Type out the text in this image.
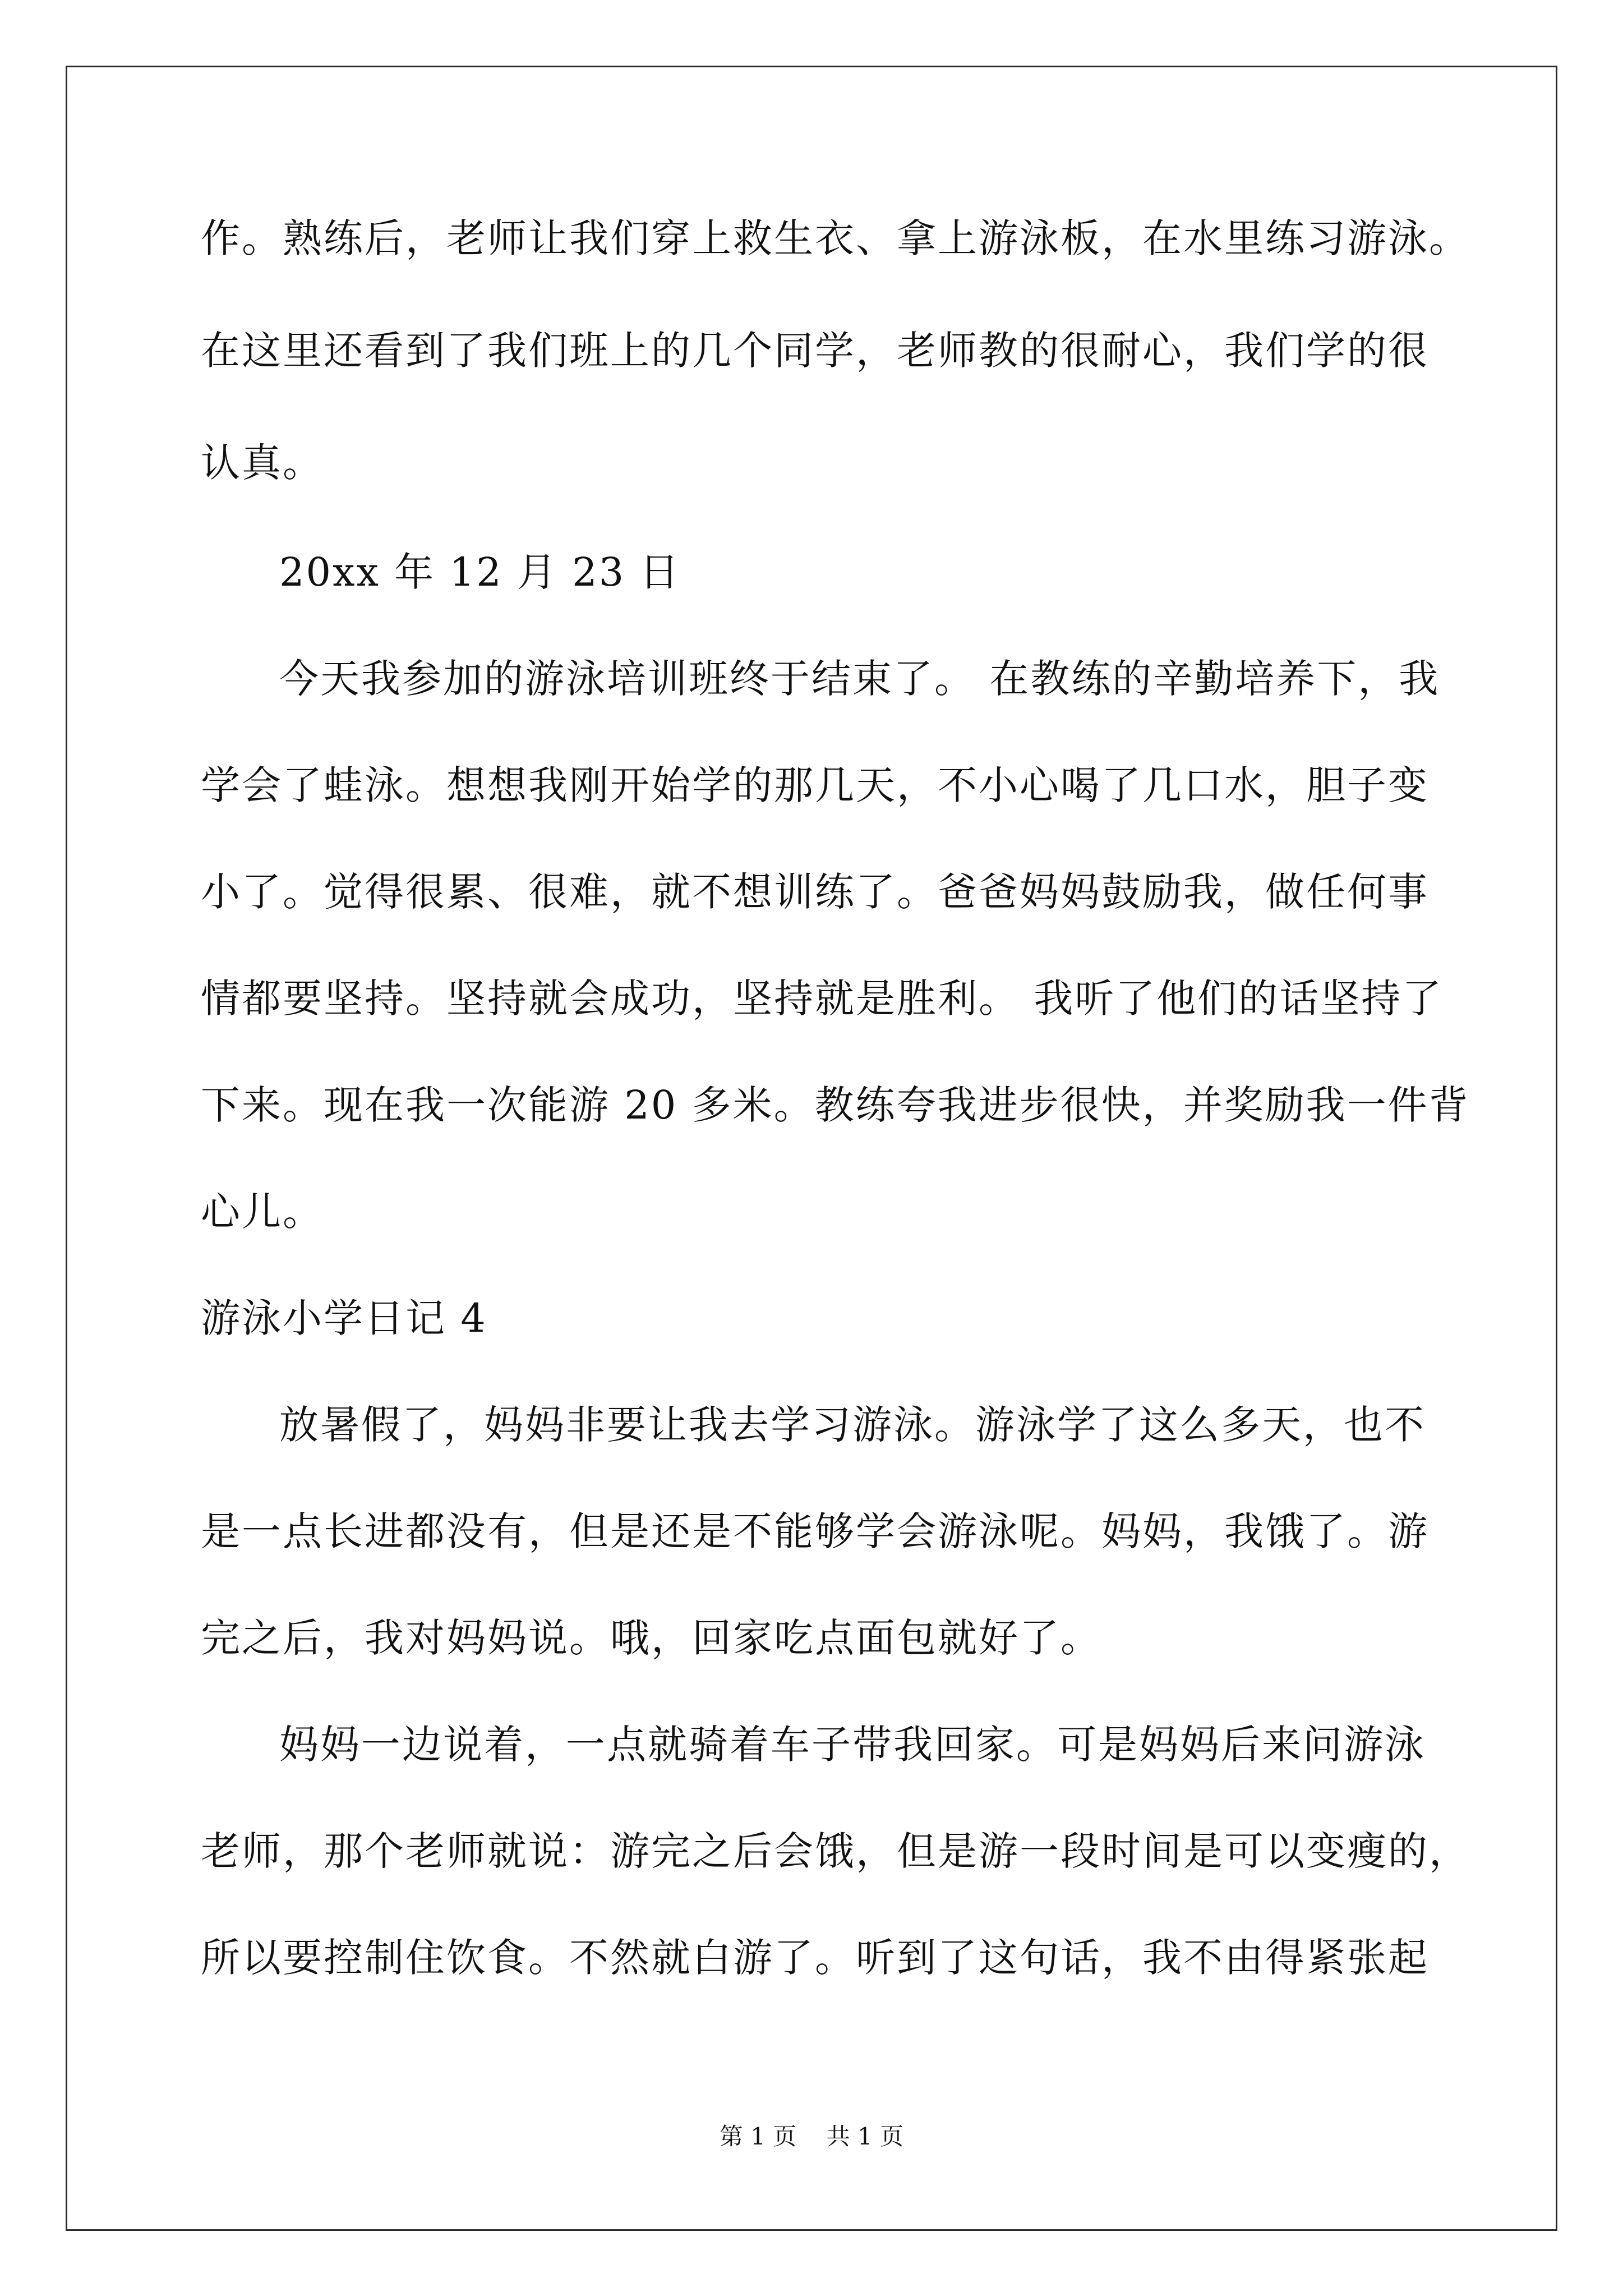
作。熟练后，老师让我们穿上救生衣、拿上游泳板，在水里练习游泳。
在这里还看到了我们班上的几个同学，老师教的很耐心，我们学的很
认真。
20xx 年 12 月 23 日
今天我参加的游泳培训班终于结束了。 在教练的辛勤培养下，我
学会了蛙泳。想想我刚开始学的那几天，不小心喝了几口水，胆子变
小了。觉得很累、很难，就不想训练了。爸爸妈妈鼓励我，做任何事
情都要坚持。坚持就会成功，坚持就是胜利。 我听了他们的话坚持了
下来。现在我一次能游 20 多米。教练夸我进步很快，并奖励我一件背
心儿。
游泳小学日记 4
放暑假了，妈妈非要让我去学习游泳。游泳学了这么多天，也不
是一点长进都没有，但是还是不能够学会游泳呢。妈妈，我饿了。游
完之后，我对妈妈说。哦，回家吃点面包就好了。
妈妈一边说着，一点就骑着车子带我回家。可是妈妈后来问游泳
老师，那个老师就说：游完之后会饿，但是游一段时间是可以变瘦的，
所以要控制住饮食。不然就白游了。听到了这句话，我不由得紧张起
第 1 页    共 1 页
